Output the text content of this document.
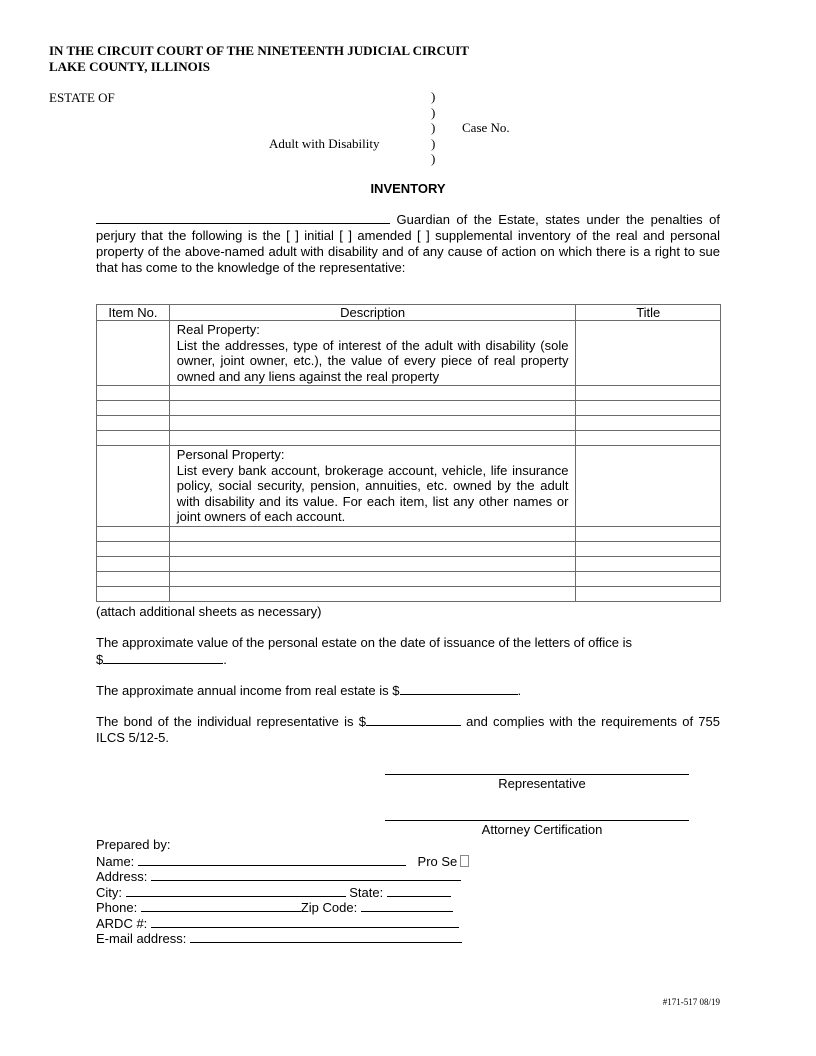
IN THE CIRCUIT COURT OF THE NINETEENTH JUDICIAL CIRCUIT
LAKE COUNTY, ILLINOIS
ESTATE OF
Adult with Disability
)
)
)
)
)
Case No.
INVENTORY
Guardian of the Estate, states under the penalties of perjury that the following is the [ ] initial [ ] amended [ ] supplemental inventory of the real and personal property of the above-named adult with disability and of any cause of action on which there is a right to sue that has come to the knowledge of the representative:
Item No.	Description	Title

	Real Property:
List the addresses, type of interest of the adult with disability (sole owner, joint owner, etc.), the value of every piece of real property owned and any liens against the real property	

	Personal Property:
List every bank account, brokerage account, vehicle, life insurance policy, social security, pension, annuities, etc. owned by the adult with disability and its value. For each item, list any other names or joint owners of each account.	

(attach additional sheets as necessary)
The approximate value of the personal estate on the date of issuance of the letters of office is
$	.
The approximate annual income from real estate is $	.
The bond of the individual representative is $	and complies with the requirements of 755 ILCS 5/12-5.
Representative
Attorney Certification
Prepared by:
Name:	Pro Se
Address:
City:	State:
Phone:	Zip Code:
ARDC #:
E-mail address:
#171-517 08/19
